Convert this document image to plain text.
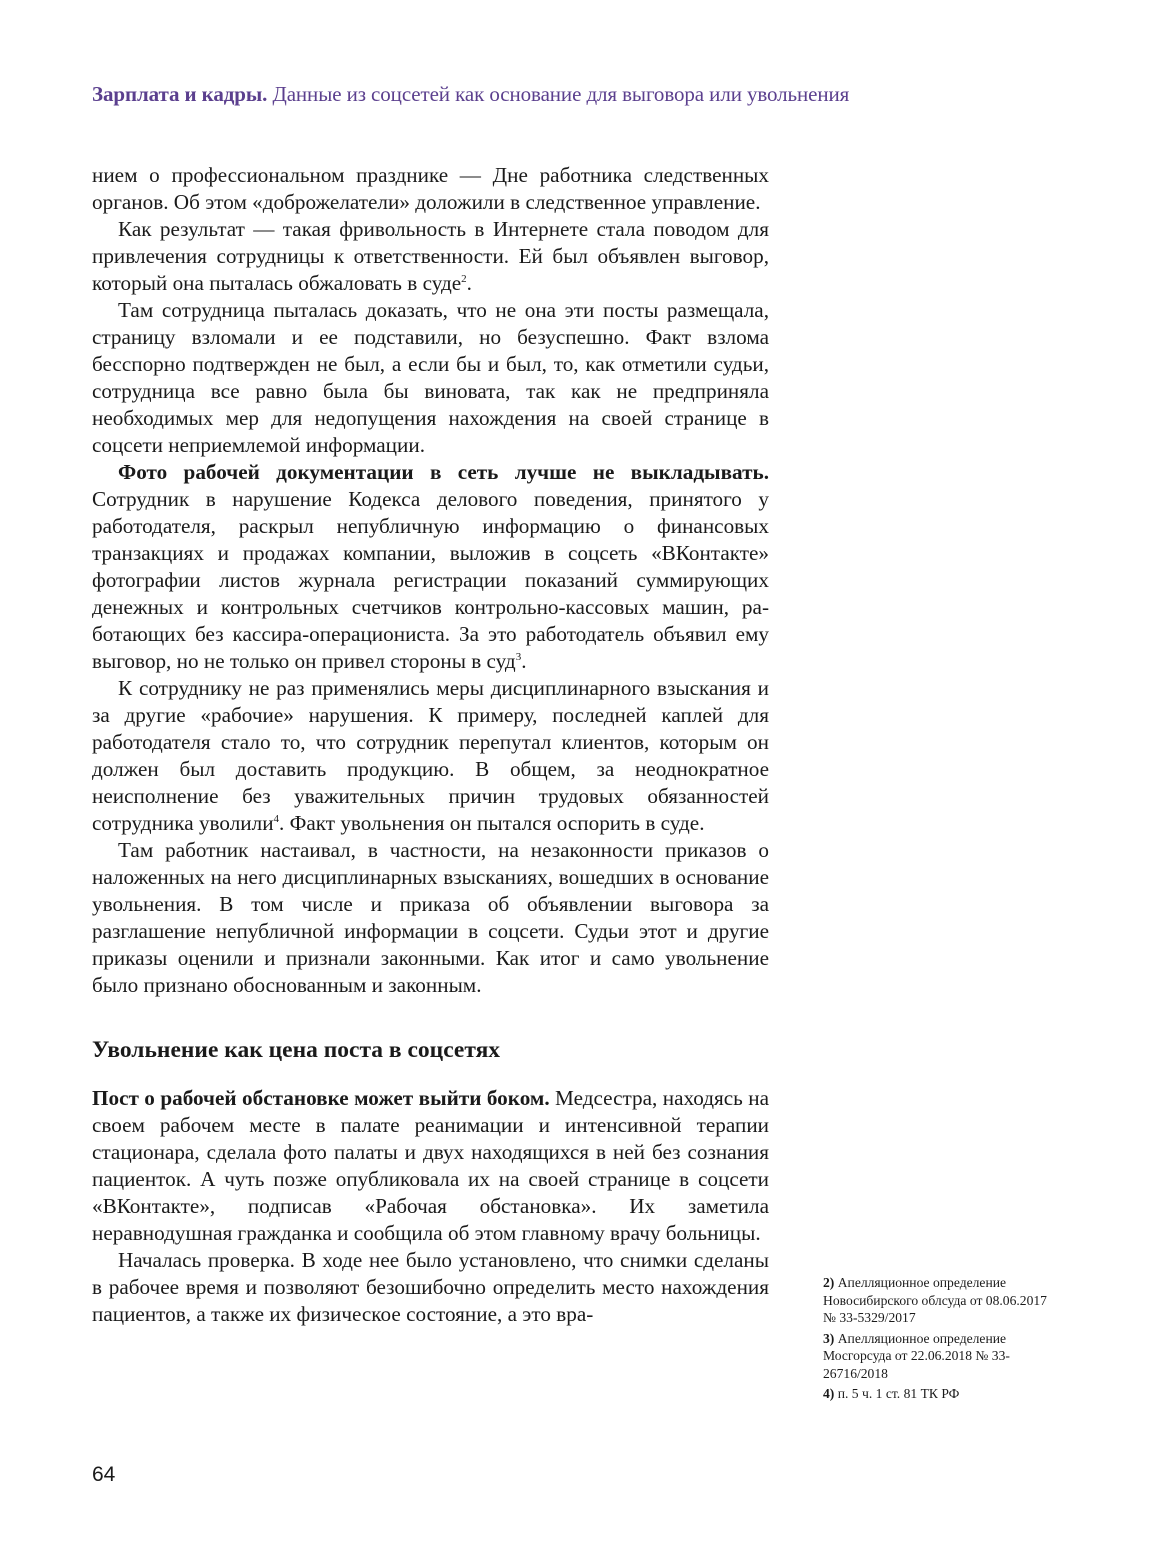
Зарплата и кадры. Данные из соцсетей как основание для выговора или увольнения

нием о профессиональном празднике — Дне работника следственных органов. Об этом «доброжелатели» доложили в следственное управление.

Как результат — такая фривольность в Интернете стала поводом для привлечения сотрудницы к ответственности. Ей был объявлен выговор, который она пыталась обжаловать в суде$^2$.

Там сотрудница пыталась доказать, что не она эти посты размещала, страницу взломали и ее подставили, но безуспешно. Факт взлома бесспорно подтвержден не был, а если бы и был, то, как отметили судьи, сотрудница все равно была бы виновата, так как не предприняла необходимых мер для недопущения нахождения на своей странице в соцсети неприемлемой информации.

Фото рабочей документации в сеть лучше не выкладывать. Сотрудник в нарушение Кодекса делового поведения, принятого у работодателя, раскрыл непубличную информацию о финансовых транзакциях и продажах компании, выложив в соцсеть «ВКонтакте» фотографии листов журнала регистрации показаний суммирующих денежных и контрольных счетчиков контрольно-кассовых машин, работающих без кассира-операциониста. За это работодатель объявил ему выговор, но не только он привел стороны в суд$^3$.

К сотруднику не раз применялись меры дисциплинарного взыскания и за другие «рабочие» нарушения. К примеру, последней каплей для работодателя стало то, что сотрудник перепутал клиентов, которым он должен был доставить продукцию. В общем, за неоднократное неисполнение без уважительных причин трудовых обязанностей сотрудника уволили$^4$. Факт увольнения он пытался оспорить в суде.

Там работник настаивал, в частности, на незаконности приказов о наложенных на него дисциплинарных взысканиях, вошедших в основание увольнения. В том числе и приказа об объявлении выговора за разглашение непубличной информации в соцсети. Судьи этот и другие приказы оценили и признали законными. Как итог и само увольнение было признано обоснованным и законным.

Увольнение как цена поста в соцсетях

Пост о рабочей обстановке может выйти боком. Медсестра, находясь на своем рабочем месте в палате реанимации и интенсивной терапии стационара, сделала фото палаты и двух находящихся в ней без сознания пациенток. А чуть позже опубликовала их на своей странице в соцсети «ВКонтакте», подписав «Рабочая обстановка». Их заметила неравнодушная гражданка и сообщила об этом главному врачу больницы.

Началась проверка. В ходе нее было установлено, что снимки сделаны в рабочее время и позволяют безошибочно определить место нахождения пациентов, а также их физическое состояние, а это вра-

2) Апелляционное определение Новосибирского облсуда от 08.06.2017 № 33-5329/2017
3) Апелляционное определение Мосгорсуда от 22.06.2018 № 33-26716/2018
4) п. 5 ч. 1 ст. 81 ТК РФ
64
